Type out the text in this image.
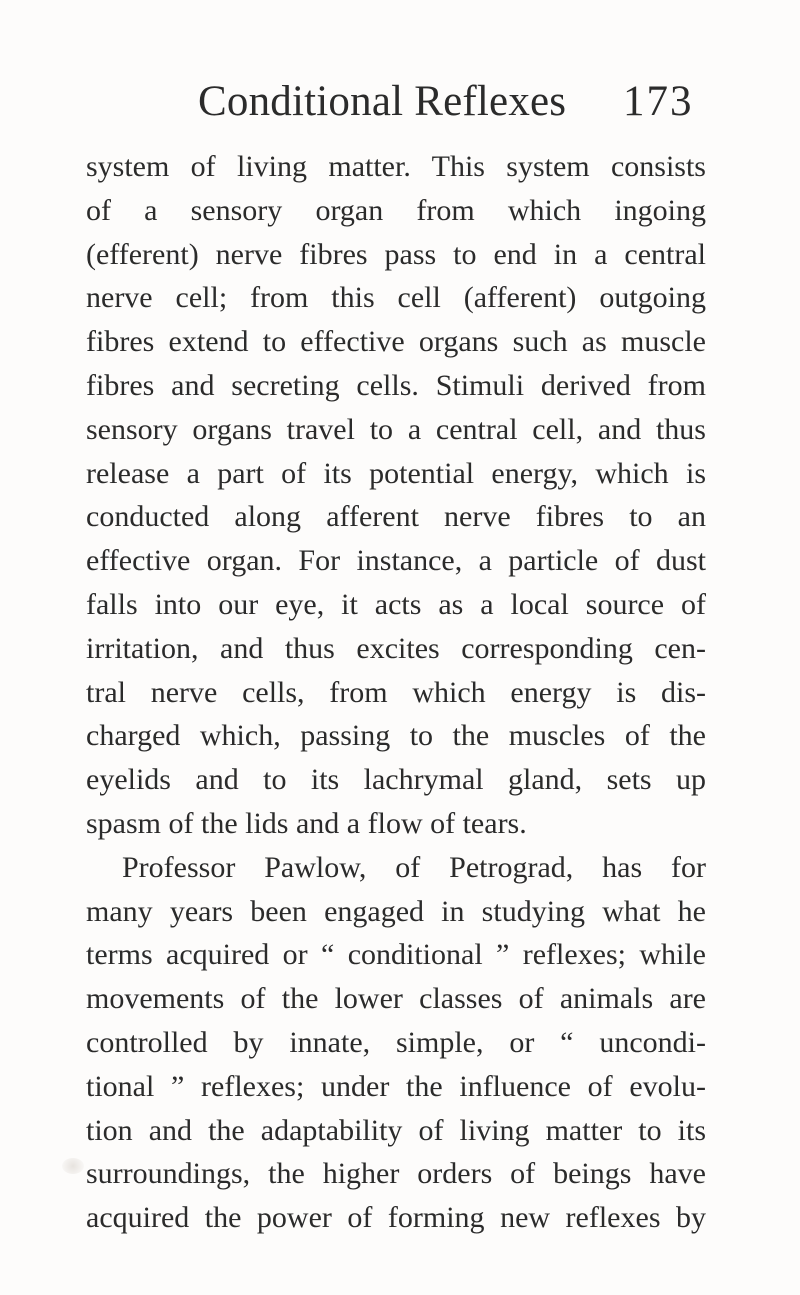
Conditional Reflexes 173
system of living matter. This system consists
of a sensory organ from which ingoing
(efferent) nerve fibres pass to end in a central
nerve cell; from this cell (afferent) outgoing
fibres extend to effective organs such as muscle
fibres and secreting cells. Stimuli derived from
sensory organs travel to a central cell, and thus
release a part of its potential energy, which is
conducted along afferent nerve fibres to an
effective organ. For instance, a particle of dust
falls into our eye, it acts as a local source of
irritation, and thus excites corresponding cen-
tral nerve cells, from which energy is dis-
charged which, passing to the muscles of the
eyelids and to its lachrymal gland, sets up
spasm of the lids and a flow of tears.
Professor Pawlow, of Petrograd, has for
many years been engaged in studying what he
terms acquired or “ conditional ” reflexes; while
movements of the lower classes of animals are
controlled by innate, simple, or “ uncondi-
tional ” reflexes; under the influence of evolu-
tion and the adaptability of living matter to its
surroundings, the higher orders of beings have
acquired the power of forming new reflexes by
